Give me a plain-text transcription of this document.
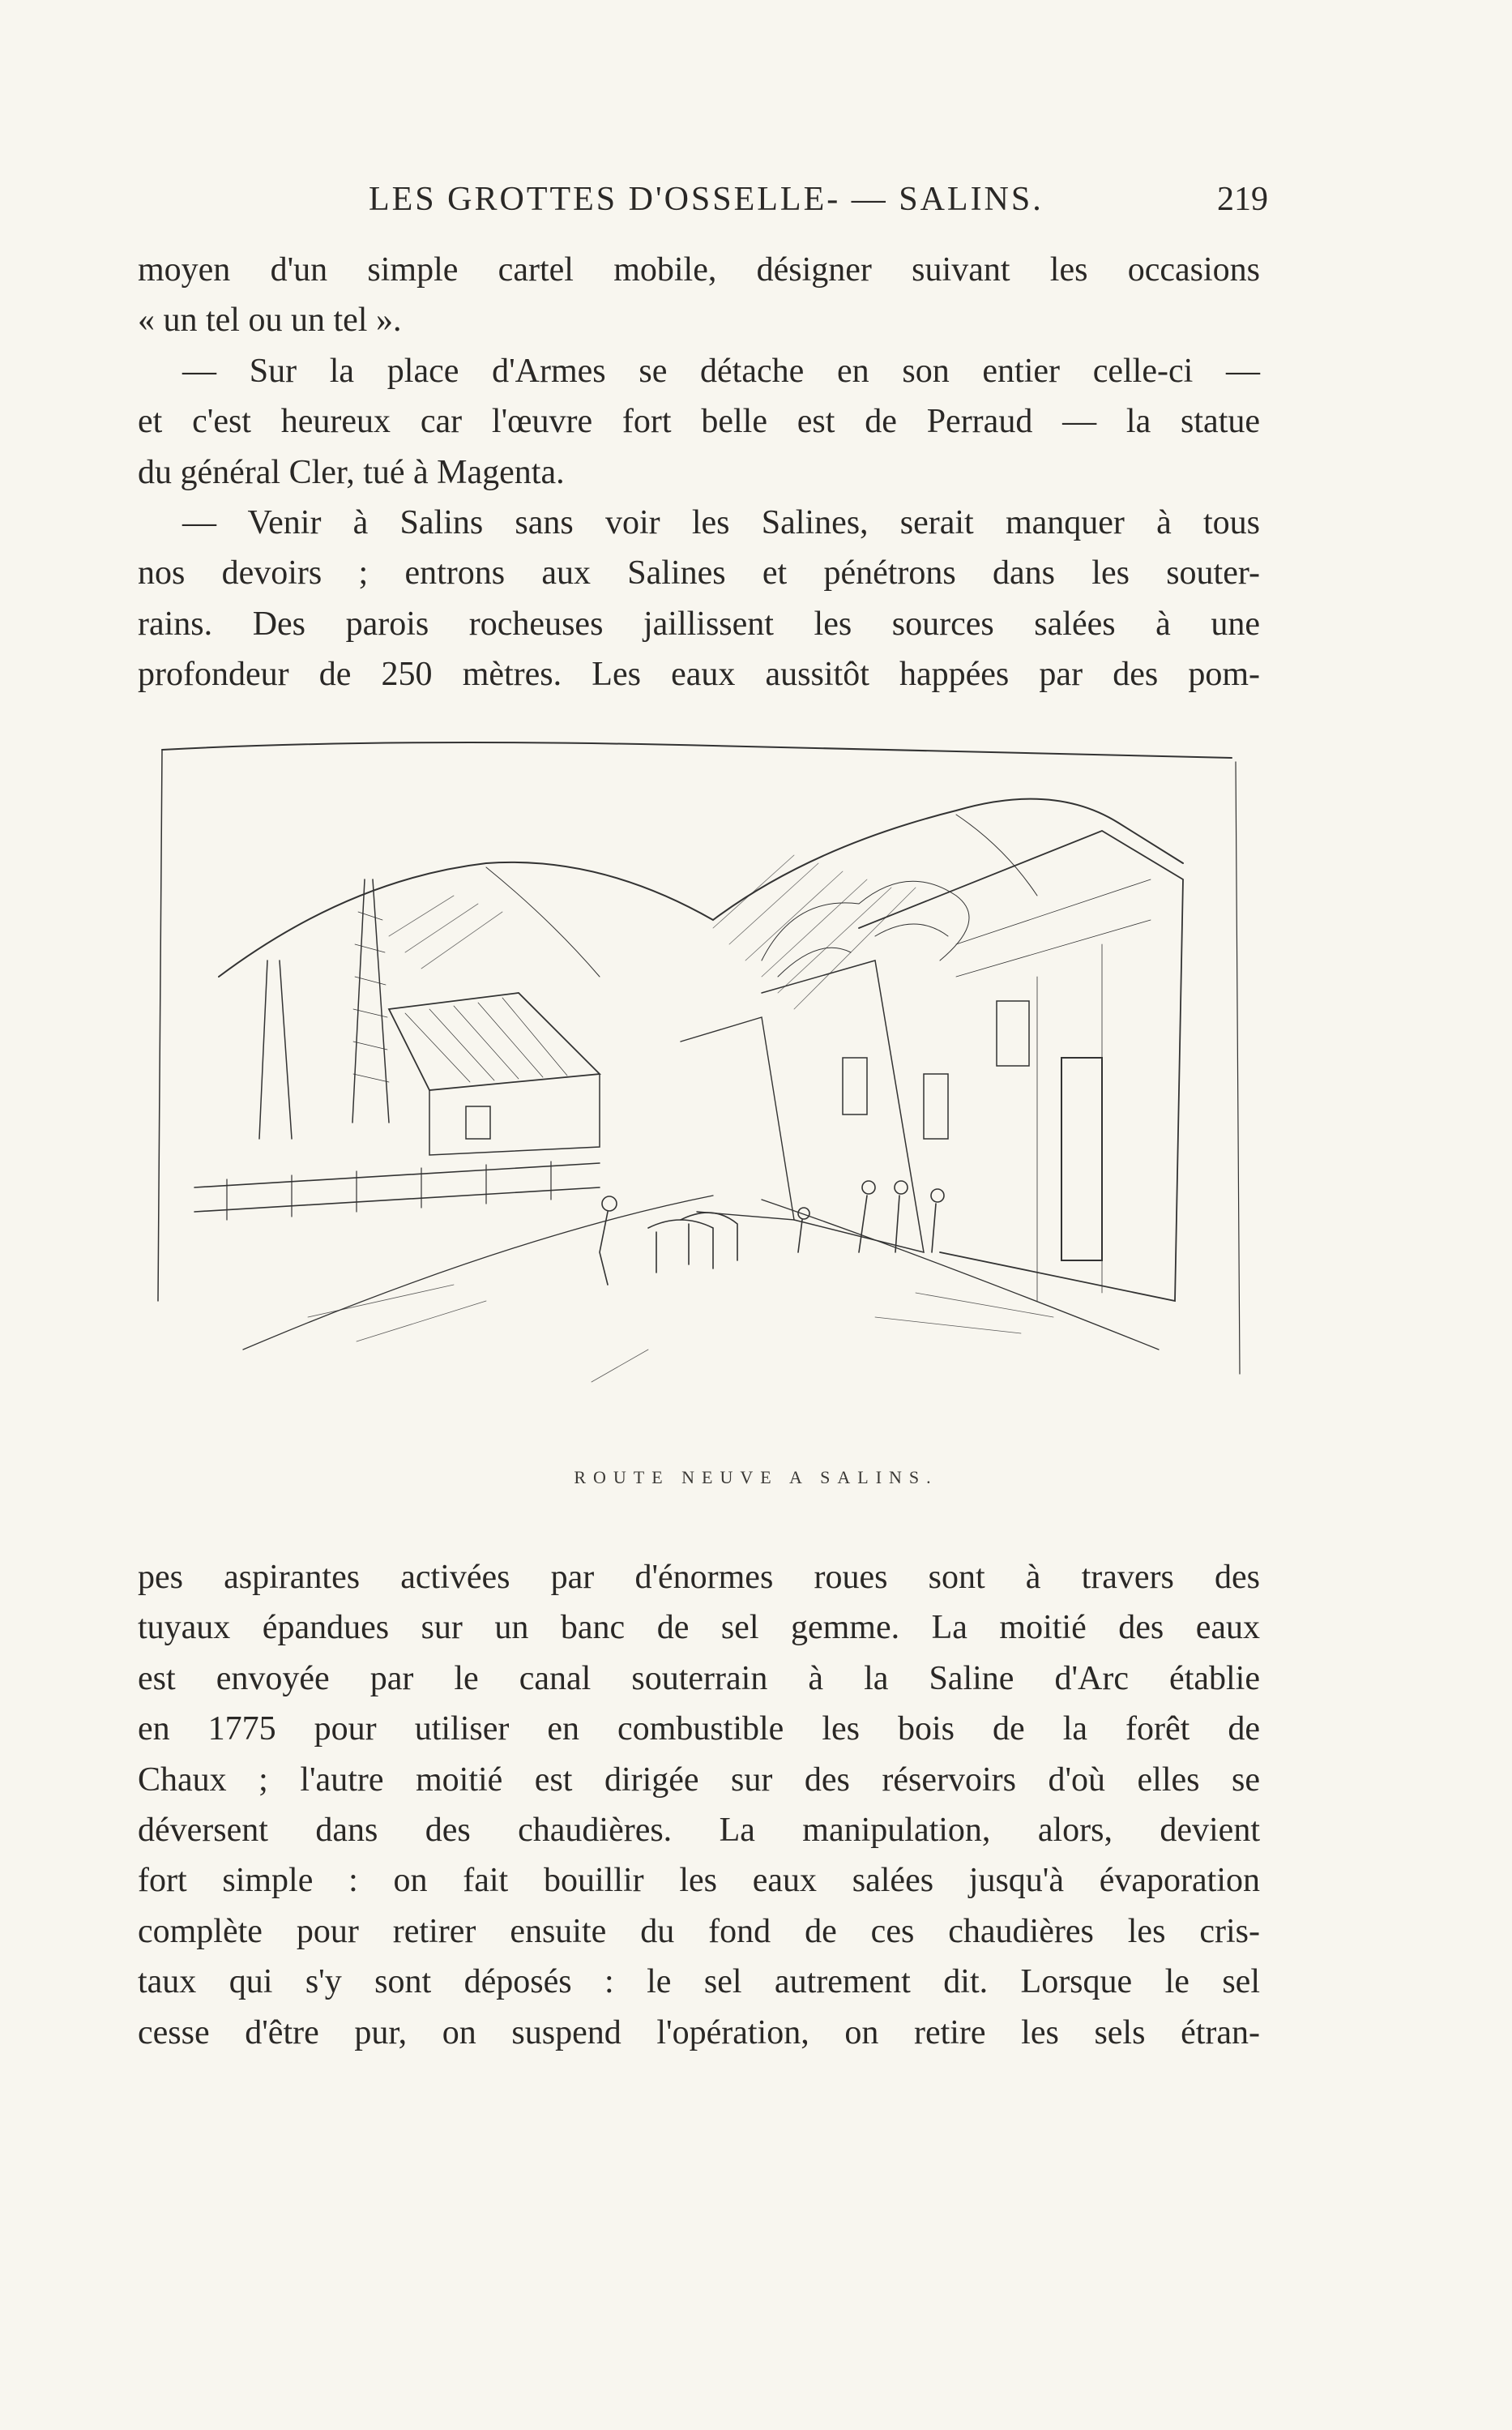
LES GROTTES D'OSSELLE- — SALINS.	219

moyen d'un simple cartel mobile, désigner suivant les occasions

« un tel ou un tel ».

— Sur la place d'Armes se détache en son entier celle-ci —

et c'est heureux car l'œuvre fort belle est de Perraud — la statue

du général Cler, tué à Magenta.

— Venir à Salins sans voir les Salines, serait manquer à tous

nos devoirs ; entrons aux Salines et pénétrons dans les souter-

rains. Des parois rocheuses jaillissent les sources salées à une

profondeur de 250 mètres. Les eaux aussitôt happées par des pom-

ROUTE NEUVE A SALINS.

pes aspirantes activées par d'énormes roues sont à travers des

tuyaux épandues sur un banc de sel gemme. La moitié des eaux

est envoyée par le canal souterrain à la Saline d'Arc établie

en 1775 pour utiliser en combustible les bois de la forêt de

Chaux ; l'autre moitié est dirigée sur des réservoirs d'où elles se

déversent dans des chaudières. La manipulation, alors, devient

fort simple : on fait bouillir les eaux salées jusqu'à évaporation

complète pour retirer ensuite du fond de ces chaudières les cris-

taux qui s'y sont déposés : le sel autrement dit. Lorsque le sel

cesse d'être pur, on suspend l'opération, on retire les sels étran-
